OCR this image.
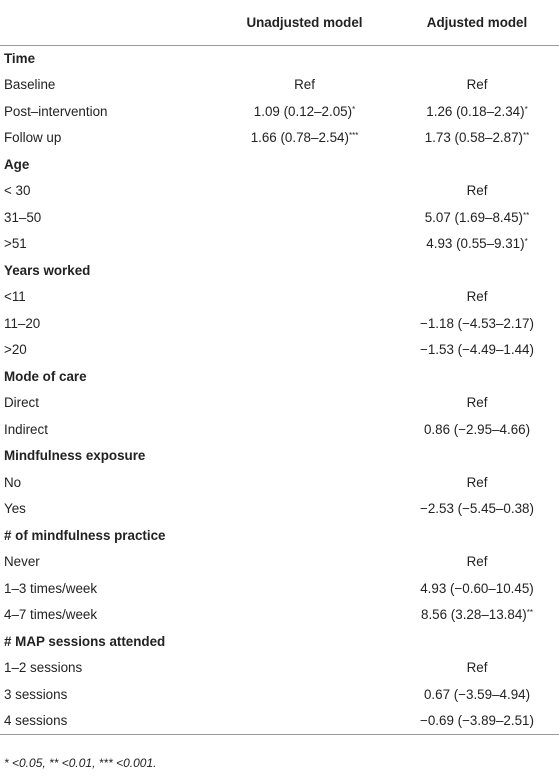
	Unadjusted model	Adjusted model
Time		
Baseline	Ref	Ref
Post–intervention	1.09 (0.12–2.05)*	1.26 (0.18–2.34)*
Follow up	1.66 (0.78–2.54)***	1.73 (0.58–2.87)**
Age		
< 30		Ref
31–50		5.07 (1.69–8.45)**
>51		4.93 (0.55–9.31)*
Years worked		
<11		Ref
11–20		−1.18 (−4.53–2.17)
>20		−1.53 (−4.49–1.44)
Mode of care		
Direct		Ref
Indirect		0.86 (−2.95–4.66)
Mindfulness exposure		
No		Ref
Yes		−2.53 (−5.45–0.38)
# of mindfulness practice		
Never		Ref
1–3 times/week		4.93 (−0.60–10.45)
4–7 times/week		8.56 (3.28–13.84)**
# MAP sessions attended		
1–2 sessions		Ref
3 sessions		0.67 (−3.59–4.94)
4 sessions		−0.69 (−3.89–2.51)
* <0.05, ** <0.01, *** <0.001.
